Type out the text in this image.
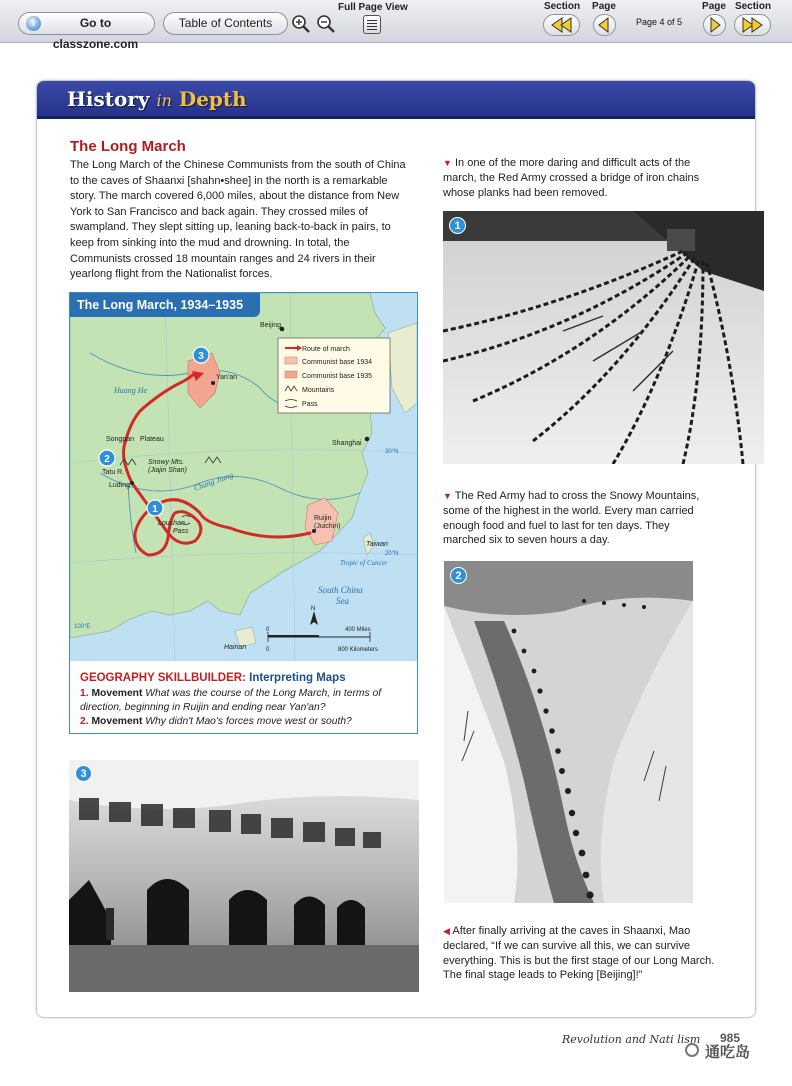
i	Go to classzone.com
Table of Contents
Full Page View	Section Page
Page 4 of 5
Page Section
History in Depth
The Long March
The Long March of the Chinese Communists from the south of China to the caves of Shaanxi [shahn•shee] in the north is a remarkable story. The march covered 6,000 miles, about the distance from New York to San Francisco and back again. They crossed miles of swampland. They slept sitting up, leaning back-to-back in pairs, to keep from sinking into the mud and drowning. In total, the Communists crossed 18 mountain ranges and 24 rivers in their yearlong flight from the Nationalist forces.
The Long March, 1934–1935
Beijing
Yan'an
Shanghai
Songpan Plateau
Tatu R.
Luding
Snowy Mts.
(Jiajin Shan)
Loushan
Pass
Ruijin
(Juichin)
Taiwan
Hainan
30°N
20°N
100°E
Huang He
Chang Jiang
Tropic of Cancer
South China
Sea
1
2
3
Route of march
Communist base 1934
Communist base 1935
Mountains
Pass
0	400 Miles
0	800 Kilometers
N
GEOGRAPHY SKILLBUILDER: Interpreting Maps
1. Movement What was the course of the Long March, in terms of direction, beginning in Ruijin and ending near Yan'an?
2. Movement Why didn't Mao's forces move west or south?
3
▼ In one of the more daring and difficult acts of the march, the Red Army crossed a bridge of iron chains whose planks had been removed.
1
▼ The Red Army had to cross the Snowy Mountains, some of the highest in the world. Every man carried enough food and fuel to last for ten days. They marched six to seven hours a day.
2
◀ After finally arriving at the caves in Shaanxi, Mao declared, “If we can survive all this, we can survive everything. This is but the first stage of our Long March. The final stage leads to Peking [Beijing]!”
Revolution and Nati lism 985
通吃岛
